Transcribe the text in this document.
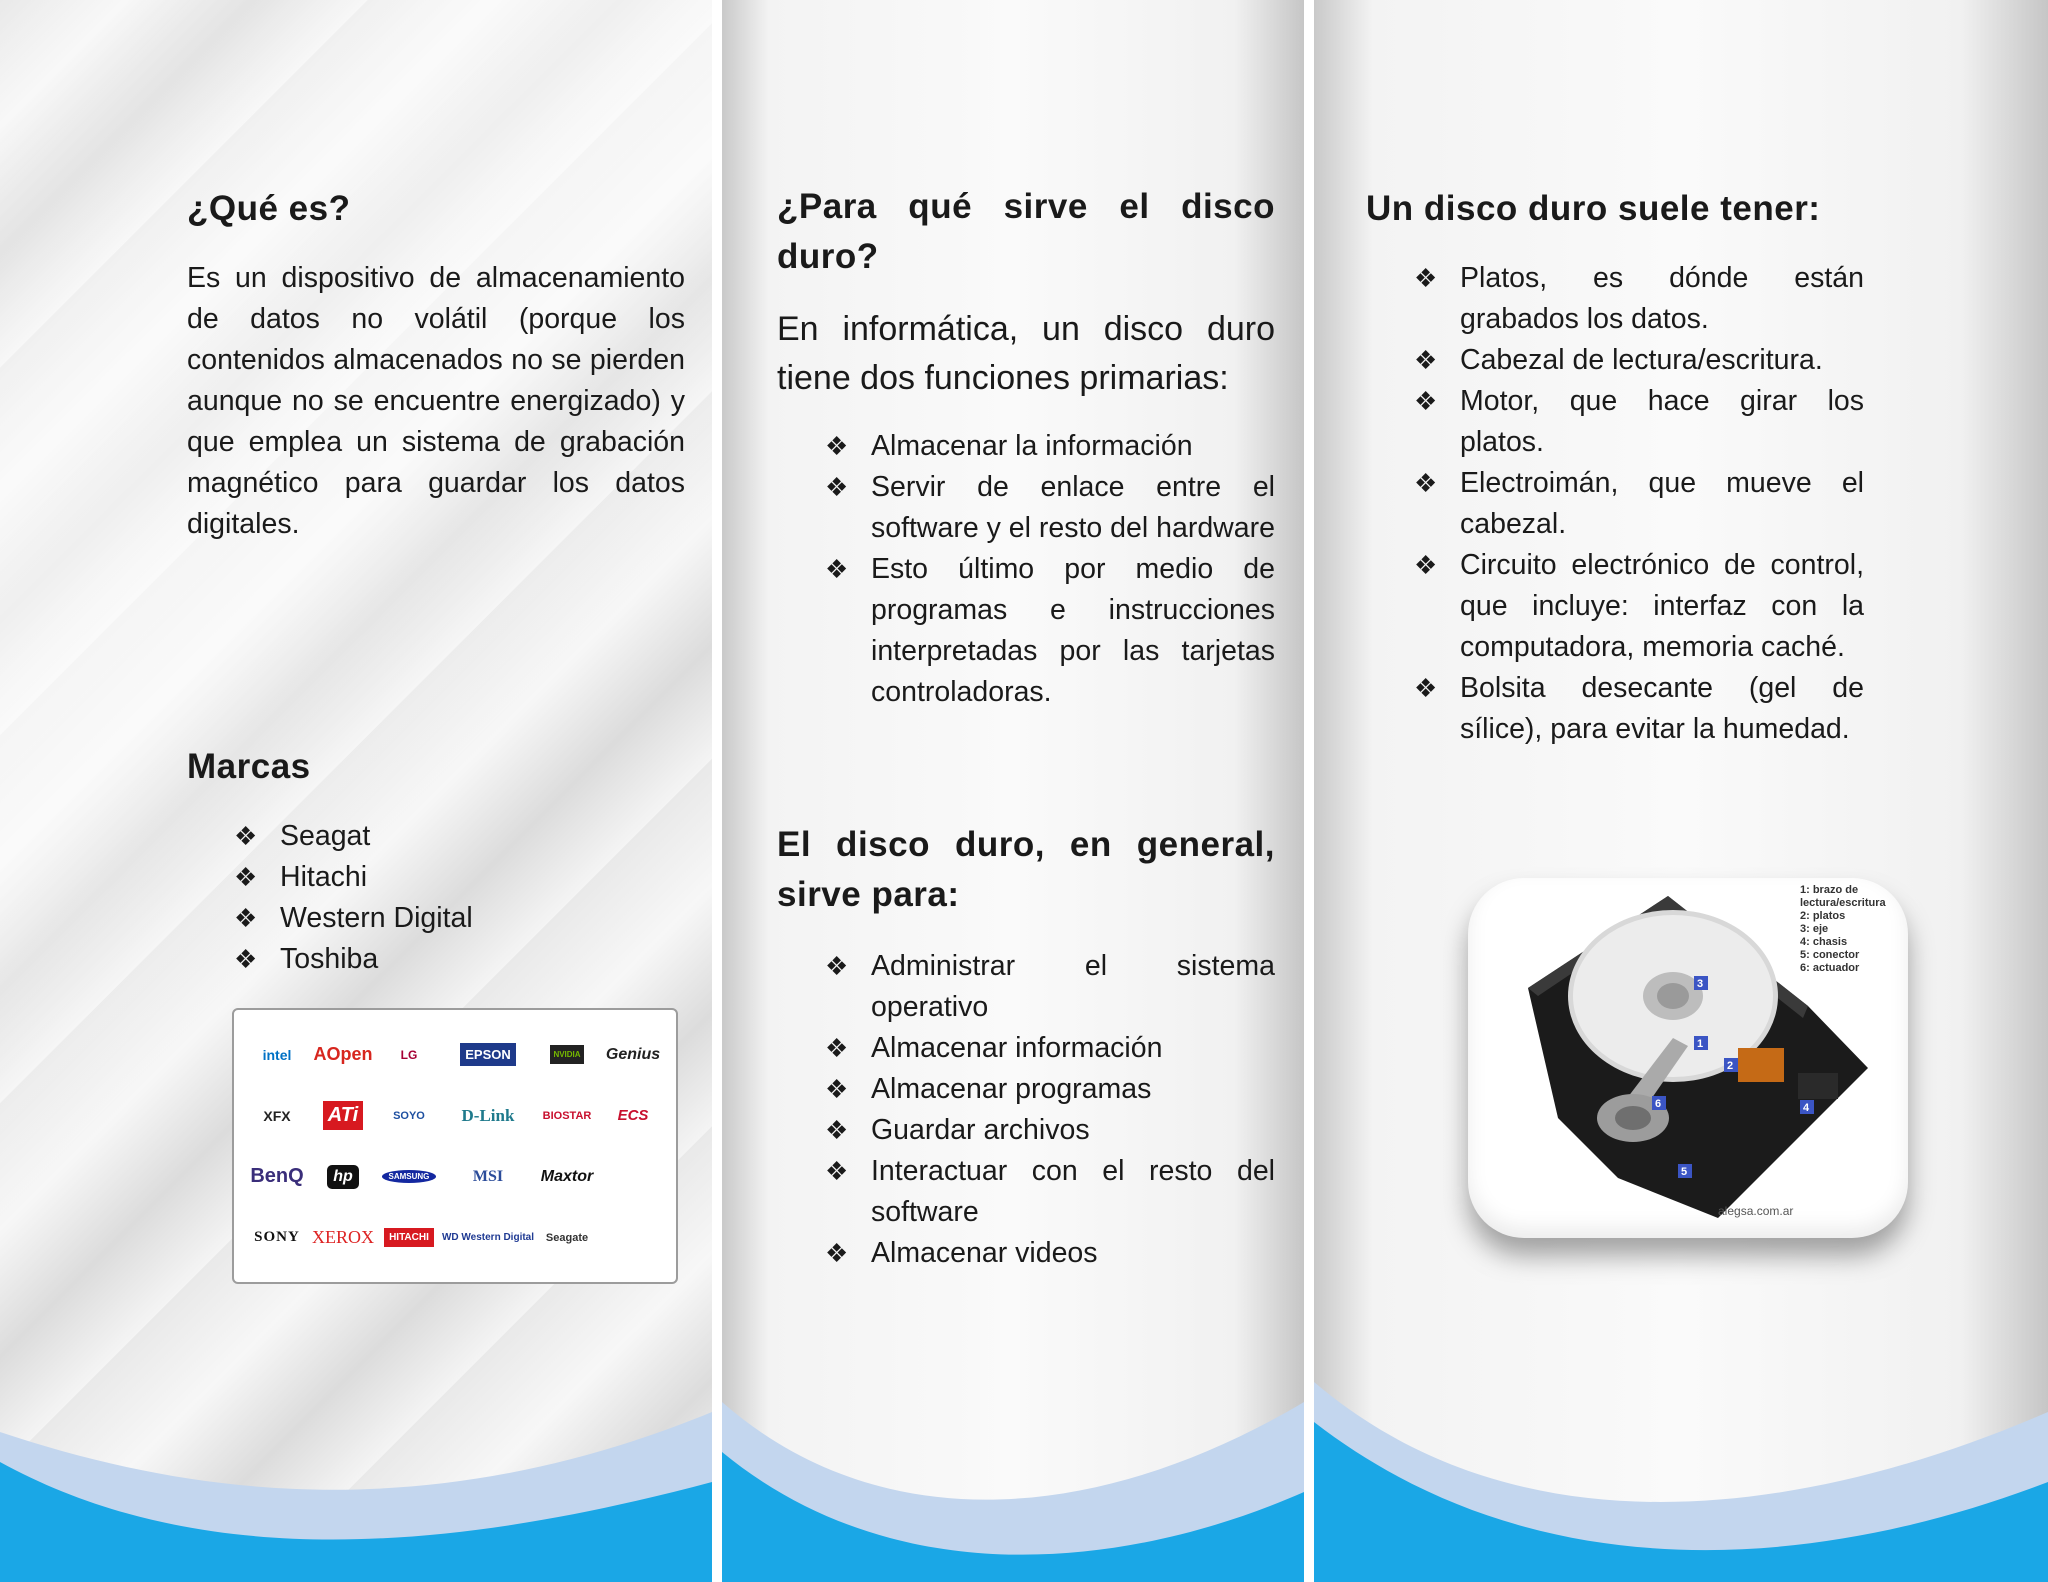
¿Qué es?

Es un dispositivo de almacenamiento de datos no volátil (porque los contenidos almacenados no se pierden aunque no se encuentre energizado) y que emplea un sistema de grabación magnético para guardar los datos digitales.

Marcas
❖ Seagat
❖ Hitachi
❖ Western Digital
❖ Toshiba
intel AOpen LG	EPSON	NVIDIA Genius
XFX ATi	SOYO D-Link	BIOSTAR ECS
BenQ	hp	SAMSUNG	MSI Maxtor
SONY XEROX	HITACHI	WD Western Digital Seagate
¿Para qué sirve el disco duro?

En informática, un disco duro tiene dos funciones primarias:

❖ Almacenar la información
❖ Servir de enlace entre el software y el resto del hardware
❖ Esto último por medio de programas e instrucciones interpretadas por las tarjetas controladoras.
El disco duro, en general, sirve para:
❖ Administrar el sistema operativo
❖ Almacenar información
❖ Almacenar programas
❖ Guardar archivos
❖ Interactuar con el resto del software
❖ Almacenar videos
Un disco duro suele tener:
❖ Platos, es dónde están grabados los datos.
❖ Cabezal de lectura/escritura.
❖ Motor, que hace girar los platos.
❖ Electroimán, que mueve el cabezal.
❖ Circuito electrónico de control, que incluye: interfaz con la computadora, memoria caché.
❖ Bolsita desecante (gel de sílice), para evitar la humedad.
3
1
2
6	4
5
1: brazo de lectura/escritura
2: platos
3: eje
4: chasis
5: conector
6: actuador
alegsa.com.ar
